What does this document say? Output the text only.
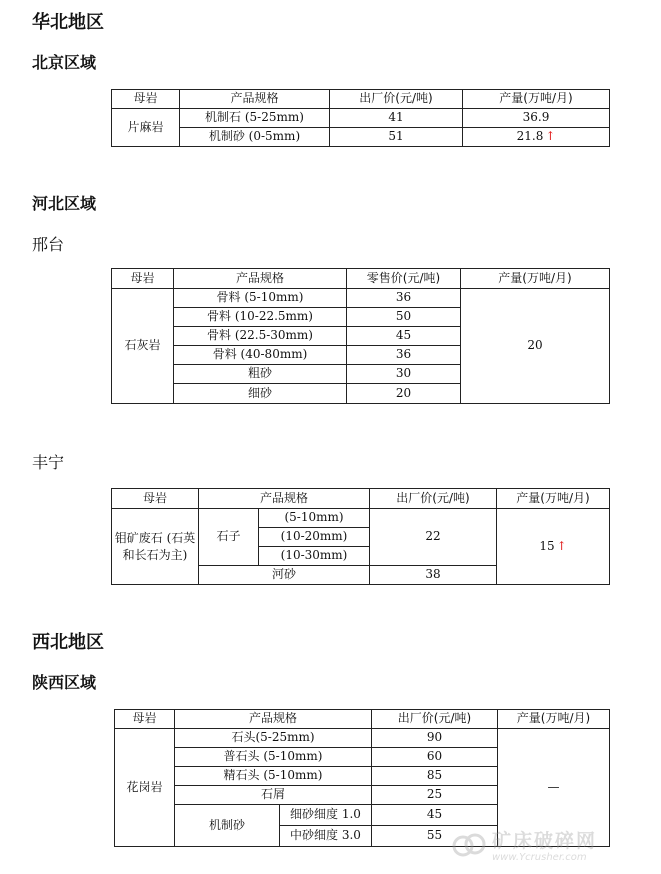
华北地区
北京区域
母岩	产品规格	出厂价(元/吨)	产量(万吨/月)
片麻岩	机制石 (5-25mm)	41	36.9
	机制砂 (0-5mm)	51	21.8 ↑
河北区域
邢台
母岩	产品规格	零售价(元/吨)	产量(万吨/月)
石灰岩	骨料 (5-10mm)	36	20
	骨料 (10-22.5mm)	50	
	骨料 (22.5-30mm)	45	
	骨料 (40-80mm)	36	
	粗砂	30	
	细砂	20	
丰宁
母岩	产品规格		出厂价(元/吨)	产量(万吨/月)
钼矿废石 (石英和长石为主)	石子	(5-10mm)	22	15 ↑
		(10-20mm)		
		(10-30mm)		
	河砂		38	
西北地区
陕西区域
母岩	产品规格		出厂价(元/吨)	产量(万吨/月)
花岗岩	石头(5-25mm)		90	—
	普石头 (5-10mm)		60	
	精石头 (5-10mm)		85	
	石屑		25	
	机制砂	细砂细度 1.0	45	
		中砂细度 3.0	55		矿床破碎网
www.Ycrusher.com
